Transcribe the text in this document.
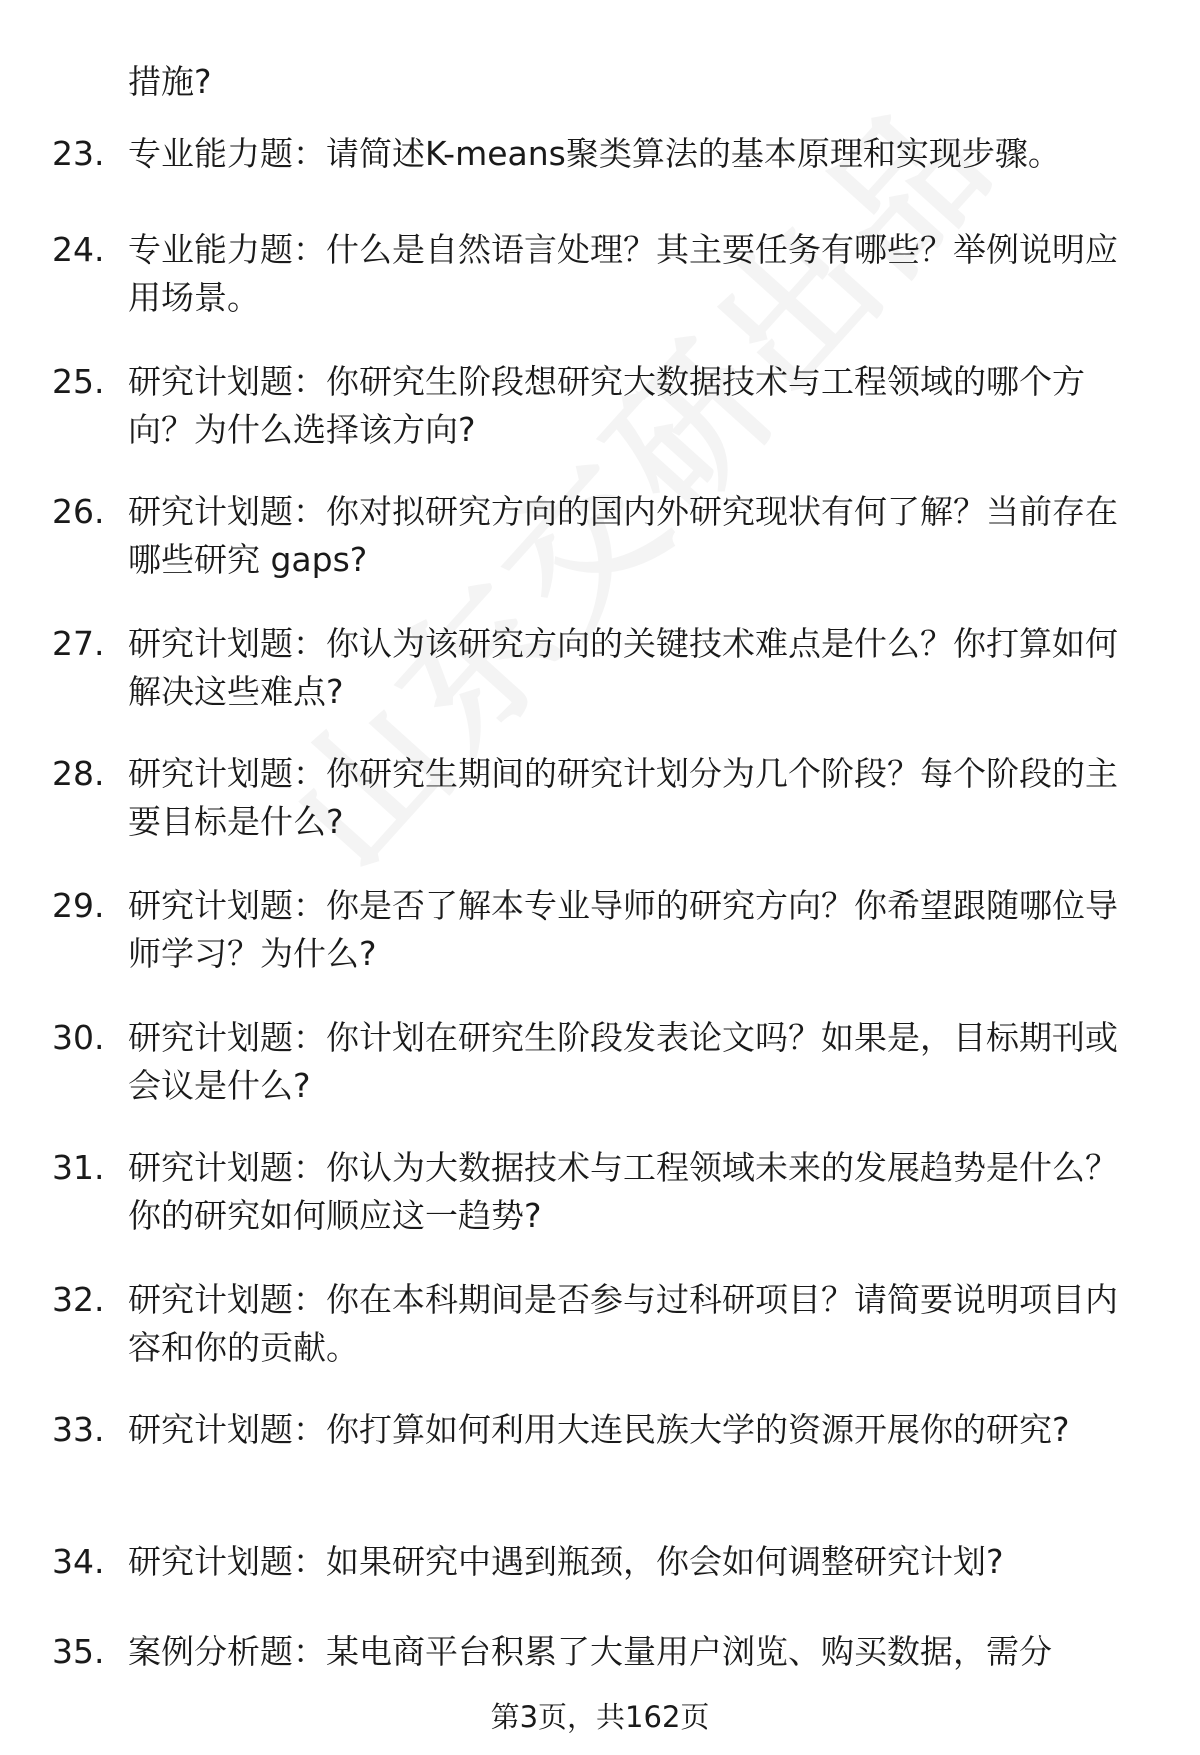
措施?
23. 专业能力题：请简述K-means聚类算法的基本原理和实现步骤。
24. 专业能力题：什么是自然语言处理？其主要任务有哪些？举例说明应用场景。
25. 研究计划题：你研究生阶段想研究大数据技术与工程领域的哪个方向？为什么选择该方向?
26. 研究计划题：你对拟研究方向的国内外研究现状有何了解？当前存在哪些研究 gaps?
27. 研究计划题：你认为该研究方向的关键技术难点是什么？你打算如何解决这些难点?
28. 研究计划题：你研究生期间的研究计划分为几个阶段？每个阶段的主要目标是什么?
29. 研究计划题：你是否了解本专业导师的研究方向？你希望跟随哪位导师学习？为什么?
30. 研究计划题：你计划在研究生阶段发表论文吗？如果是，目标期刊或会议是什么?
31. 研究计划题：你认为大数据技术与工程领域未来的发展趋势是什么？你的研究如何顺应这一趋势?
32. 研究计划题：你在本科期间是否参与过科研项目？请简要说明项目内容和你的贡献。
33. 研究计划题：你打算如何利用大连民族大学的资源开展你的研究?
34. 研究计划题：如果研究中遇到瓶颈，你会如何调整研究计划?
35. 案例分析题：某电商平台积累了大量用户浏览、购买数据，需分
第3页，共162页
